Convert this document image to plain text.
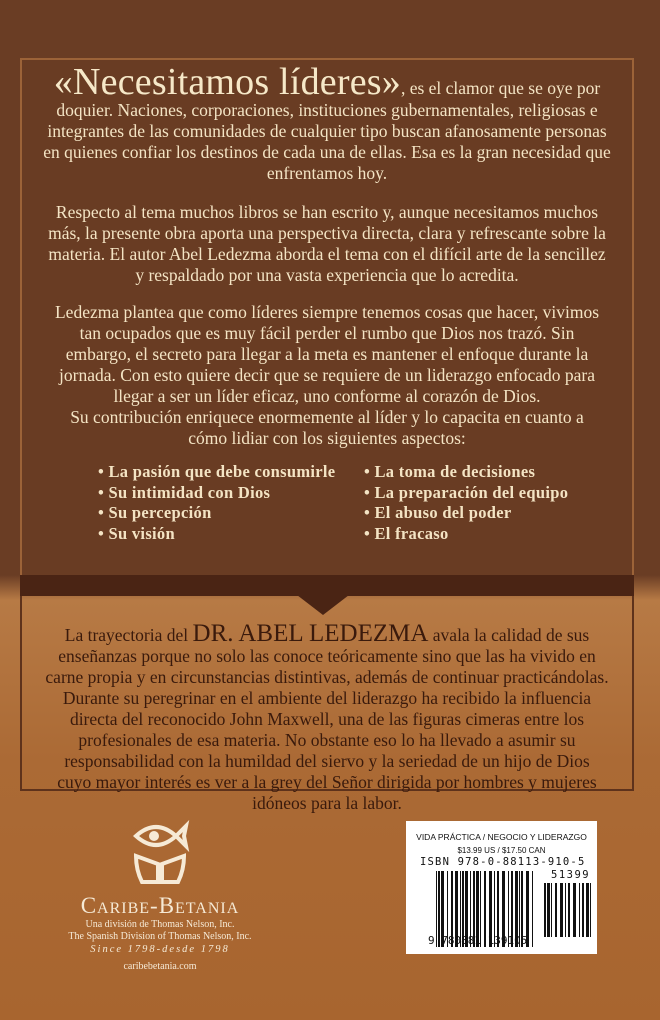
«Necesitamos líderes», es el clamor que se oye por
doquier. Naciones, corporaciones, instituciones gubernamentales, religiosas e
integrantes de las comunidades de cualquier tipo buscan afanosamente personas
en quienes confiar los destinos de cada una de ellas. Esa es la gran necesidad que
enfrentamos hoy.
Respecto al tema muchos libros se han escrito y, aunque necesitamos muchos
más, la presente obra aporta una perspectiva directa, clara y refrescante sobre la
materia. El autor Abel Ledezma aborda el tema con el difícil arte de la sencillez
y respaldado por una vasta experiencia que lo acredita.
Ledezma plantea que como líderes siempre tenemos cosas que hacer, vivimos
tan ocupados que es muy fácil perder el rumbo que Dios nos trazó. Sin
embargo, el secreto para llegar a la meta es mantener el enfoque durante la
jornada. Con esto quiere decir que se requiere de un liderazgo enfocado para
llegar a ser un líder eficaz, uno conforme al corazón de Dios.
Su contribución enriquece enormemente al líder y lo capacita en cuanto a
cómo lidiar con los siguientes aspectos:
• La pasión que debe consumirle
• Su intimidad con Dios
• Su percepción
• Su visión
• La toma de decisiones
• La preparación del equipo
• El abuso del poder
• El fracaso
La trayectoria del DR. ABEL LEDEZMA avala la calidad de sus
enseñanzas porque no solo las conoce teóricamente sino que las ha vivido en
carne propia y en circunstancias distintivas, además de continuar practicándolas.
Durante su peregrinar en el ambiente del liderazgo ha recibido la influencia
directa del reconocido John Maxwell, una de las figuras cimeras entre los
profesionales de esa materia. No obstante eso lo ha llevado a asumir su
responsabilidad con la humildad del siervo y la seriedad de un hijo de Dios
cuyo mayor interés es ver a la grey del Señor dirigida por hombres y mujeres
idóneos para la labor.
Caribe-Betania
Una división de Thomas Nelson, Inc.
The Spanish Division of Thomas Nelson, Inc.
Since 1798-desde 1798
caribebetania.com
VIDA PRÁCTICA / NEGOCIO Y LIDERAZGO
$13.99 US / $17.50 CAN
ISBN 978-0-88113-910-5
51399
9 780881 139105
